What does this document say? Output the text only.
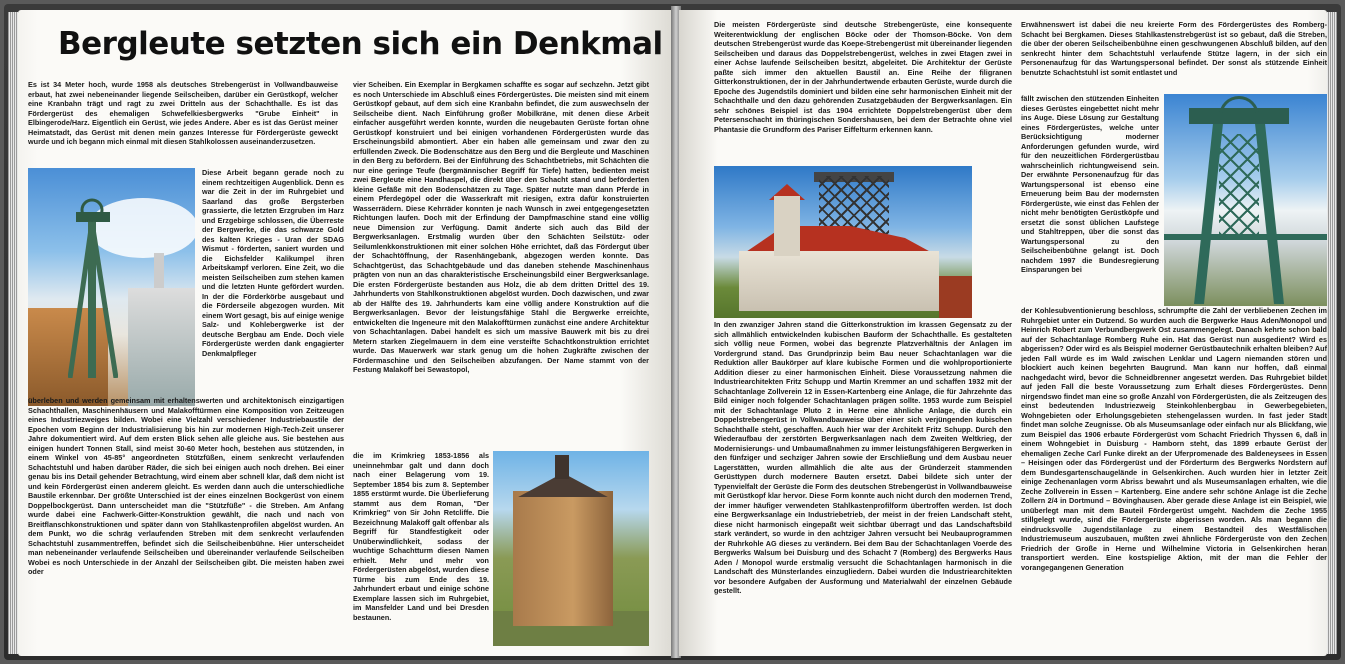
Bergleute setzten sich ein Denkmal

Es ist 34 Meter hoch, wurde 1958 als deutsches Strebengerüst in Vollwandbauweise erbaut, hat zwei nebeneinander liegende Seilscheiben, darüber ein Gerüstkopf, welcher eine Kranbahn trägt und ragt zu zwei Dritteln aus der Schachthalle. Es ist das Fördergerüst des ehemaligen Schwefelkiesbergwerks "Grube Einheit" in Elbingerode/Harz. Eigentlich ein Gerüst, wie jedes Andere. Aber es ist das Gerüst meiner Heimatstadt, das Gerüst mit denen mein ganzes Interesse für Fördergerüste geweckt wurde und ich begann mich einmal mit diesen Stahlkolossen auseinanderzusetzen.

Diese Arbeit begann gerade noch zu einem rechtzeitigen Augenblick. Denn es war die Zeit in der im Ruhrgebiet und Saarland das große Bergsterben grassierte, die letzten Erzgruben im Harz und Erzgebirge schlossen, die Überreste der Bergwerke, die das schwarze Gold des kalten Krieges - Uran der SDAG Wismut - förderten, saniert wurden und die Eichsfelder Kalikumpel ihren Arbeitskampf verloren. Eine Zeit, wo die meisten Seilscheiben zum stehen kamen und die letzten Hunte gefördert wurden. In der die Förderkörbe ausgebaut und die Förderseile abgezogen wurden. Mit einem Wort gesagt, bis auf einige wenige Salz- und Kohlebergwerke ist der deutsche Bergbau am Ende. Doch viele Fördergerüste werden dank engagierter Denkmalpfleger

überleben und werden gemeinsam mit erhaltenswerten und architektonisch einzigartigen Schachthallen, Maschinenhäusern und Malakofftürmen eine Komposition von Zeitzeugen eines Industriezweiges bilden. Wobei eine Vielzahl verschiedener Industriebaustile der Epochen vom Beginn der Industrialisierung bis hin zur modernen High-Tech-Zeit unserer Jahre dokumentiert wird. Auf dem ersten Blick sehen alle gleiche aus. Sie bestehen aus einigen hundert Tonnen Stall, sind meist 30-60 Meter hoch, bestehen aus stützenden, in einem Winkel von 45-85° angeordneten Stützfüßen, einem senkrecht verlaufenden Schachtstuhl und haben darüber Räder, die sich bei einigen auch noch drehen. Bei einer genau bis ins Detail gehender Betrachtung, wird einem aber schnell klar, daß dem nicht ist und kein Fördergerüst einen anderem gleicht. Es werden dann auch die unterschiedliche Baustile erkennbar. Der größte Unterschied ist der eines einzelnen Bockgerüst von einem Doppelbockgerüst. Dann unterscheidet man die "Stützfüße" - die Streben. Am Anfang wurde dabei eine Fachwerk-Gitter-Konstruktion gewählt, die nach und nach von Breitflanschkonstruktionen und später dann von Stahlkastenprofilen abgelöst wurden. An dem Punkt, wo die schräg verlaufenden Streben mit dem senkrecht verlaufenden Schachtstuhl zusammentreffen, befindet sich die Seilscheibenbühne. Hier unterscheidet man nebeneinander verlaufende Seilscheiben und übereinander verlaufende Seilscheiben Wobei es noch Unterschiede in der Anzahl der Seilscheiben gibt. Die meisten haben zwei oder

vier Scheiben. Ein Exemplar in Bergkamen schaffte es sogar auf sechzehn. Jetzt gibt es noch Unterschiede im Abschluß eines Fördergerüstes. Die meisten sind mit einem Gerüstkopf gebaut, auf dem sich eine Kranbahn befindet, die zum auswechseln der Seilscheibe dient. Nach Einführung großer Mobilkräne, mit denen diese Arbeit einfacher ausgeführt werden konnte, wurden die neugebauten Gerüste fortan ohne Gerüstkopf konstruiert und bei einigen vorhandenen Fördergerüsten wurde das Erscheinungsbild abmontiert. Aber ein haben alle gemeinsam und zwar den zu erfüllenden Zweck. Die Bodenschätze aus den Berg und die Bergleute und Maschinen in den Berg zu befördern. Bei der Einführung des Schachtbetriebs, mit Schächten die nur eine geringe Teufe (bergmännischer Begriff für Tiefe) hatten, bedienten meist zwei Bergleute eine Handhaspel, die direkt über den Schacht stand und beförderten kleine Gefäße mit den Bodenschätzen zu Tage. Später nutzte man dann Pferde in einem Pferdegöpel oder die Wasserkraft mit riesigen, extra dafür konstruierten Wasserrädern. Diese Kehrräder konnten je nach Wunsch in zwei entgegengesetzten Richtungen laufen. Doch mit der Erfindung der Dampfmaschine stand eine völlig neue Dimension zur Verfügung. Damit änderte sich auch das Bild der Bergwerksanlagen. Erstmalig wurden über den Schächten Seilstütz- oder Seilumlenkkonstruktionen mit einer solchen Höhe errichtet, daß das Fördergut über der Schachtöffnung, der Rasenhängebank, abgezogen werden konnte. Das Schachtgerüst, das Schachtgebäude und das daneben stehende Maschinenhaus prägten von nun an das charakteristische Erscheinungsbild einer Bergwerksanlage. Die ersten Fördergerüste bestanden aus Holz, die ab dem dritten Drittel des 19. Jahrhunderts von Stahlkonstruktionen abgelöst wurden. Doch dazwischen, und zwar ab der Hälfte des 19. Jahrhunderts kam eine völlig andere Konstruktion auf die Bergwerksanlagen. Bevor der leistungsfähige Stahl die Bergwerke erreichte, entwickelten die Ingeneure mit den Malakofftürmen zunächst eine andere Architektur von Schachtanlagen. Dabei handelt es sich um massive Bauwerk mit bis zu drei Metern starken Ziegelmauern in dem eine versteifte Schachtkonstruktion errichtet wurde. Das Mauerwerk war stark genug um die hohen Zugkräfte zwischen der Fördermaschine und den Seilscheiben abzufangen. Der Name stammt von der Festung Malakoff bei Sewastopol,

die im Krimkrieg 1853-1856 als uneinnehmbar galt und dann doch nach einer Belagerung vom 19. September 1854 bis zum 8. September 1855 erstürmt wurde. Die Überlieferung stammt aus dem Roman, "Der Krimkrieg" von Sir John Retcliffe. Die Bezeichnung Malakoff galt offenbar als Begriff für Standfestigkeit oder Unüberwindlichkeit, sodass der wuchtige Schachtturm diesen Namen erhielt. Mehr und mehr von Fördergerüsten abgelöst, wurden diese Türme bis zum Ende des 19. Jahrhundert erbaut und einige schöne Exemplare lassen sich im Ruhrgebiet, im Mansfelder Land und bei Dresden bestaunen.

Die meisten Fördergerüste sind deutsche Strebengerüste, eine konsequente Weiterentwicklung der englischen Böcke oder der Thomson-Böcke. Von dem deutschen Strebengerüst wurde das Koepe-Strebengerüst mit übereinander liegenden Seilscheiben und daraus das Doppelstrebengerüst, welches in zwei Etagen zwei in einer Achse laufende Seilscheiben besitzt, abgeleitet. Die Architektur der Gerüste paßte sich immer den aktuellen Baustil an. Eine Reihe der filigranen Gitterkonstruktionen, der in der Jahrhundertwende erbauten Gerüste, wurde durch die Epoche des Jugendstils dominiert und bilden eine sehr harmonischen Einheit mit der Schachthalle und den dazu gehörenden Zusatzgebäuden der Bergwerksanlagen. Ein sehr schönes Beispiel ist das 1904 errichtete Doppelstrebengerüst über dem Petersenschacht im thüringischen Sondershausen, bei dem der Betrachte ohne viel Phantasie die Grundform des Pariser Eiffelturm erkennen kann.

In den zwanziger Jahren stand die Gitterkonstruktion im krassen Gegensatz zu der sich allmählich entwickelnden kubischen Bauform der Schachthalle. Es gestalteten sich völlig neue Formen, wobei das begrenzte Platzverhältnis der Anlagen im Vordergrund stand. Das Grundprinzip beim Bau neuer Schachtanlagen war die Reduktion aller Baukörper auf klare kubische Formen und die wohlproportionierte Addition dieser zu einer harmonischen Einheit. Diese Voraussetzung nahmen die Industriearchitekten Fritz Schupp und Martin Kremmer an und schaffen 1932 mit der Schachtanlage Zollverein 12 in Essen-Kartenberg eine Anlage, die für Jahrzehnte das Bild einiger noch folgender Schachtanlagen prägen sollte. 1953 wurde zum Beispiel mit der Schachtanlage Pluto 2 in Herne eine ähnliche Anlage, die durch ein Doppelstrebengerüst in Vollwandbauweise über einer sich verjüngenden kubischen Schachthalle steht, geschaffen. Auch hier war der Architekt Fritz Schupp. Durch den Wiederaufbau der zerstörten Bergwerksanlagen nach dem Zweiten Weltkrieg, der Modernisierungs- und Umbaumaßnahmen zu immer leistungsfähigeren Bergwerken in den fünfziger und sechziger Jahren sowie der Erschließung und dem Ausbau neuer Lagerstätten, wurden allmählich die alte aus der Gründerzeit stammenden Gerüsttypen durch modernere Bauten ersetzt. Dabei bildete sich unter der Typenvielfalt der Gerüste die Form des deutschen Strebengerüst in Vollwandbauweise mit Gerüstkopf klar hervor. Diese Form konnte auch nicht durch den modernen Trend, der immer häufiger verwendeten Stahlkastenprofilform übertroffen werden. Ist doch eine Bergwerksanlage ein Industriebetrieb, der meist in der freien Landschaft steht, diese nicht harmonisch eingepaßt weit sichtbar überragt und das Landschaftsbild stark verändert, so wurde in den achtziger Jahren versucht bei Neubauprogrammen der Ruhrkohle AG dieses zu verändern. Bei dem Bau der Schachtanlagen Voerde des Bergwerks Walsum bei Duisburg und des Schacht 7 (Romberg) des Bergwerks Haus Aden / Monopol wurde erstmalig versucht die Schachtanlagen harmonisch in die Landschaft des Münsterlandes einzugliedern. Dabei wurden die Industriearchitekten vor besondere Aufgaben der Ausformung und Materialwahl der einzelnen Gebäude gestellt.

Erwähnenswert ist dabei die neu kreierte Form des Fördergerüstes des Romberg-Schacht bei Bergkamen. Dieses Stahlkastenstrebgerüst ist so gebaut, daß die Streben, die über der oberen Seilscheibenbühne einen geschwungenen Abschluß bilden, auf den senkrecht hinter dem Schachtstuhl verlaufende Stütze lagern, in der sich ein Personenaufzug für das Wartungspersonal befindet. Der sonst als stützende Einheit benutzte Schachtstuhl ist somit entlastet und

fällt zwischen den stützenden Einheiten dieses Gerüstes eingebettet nicht mehr ins Auge. Diese Lösung zur Gestaltung eines Fördergerüstes, welche unter Berücksichtigung moderner Anforderungen gefunden wurde, wird für den neuzeitlichen Fördergerüstbau wahrscheinlich richtungweisend sein. Der erwähnte Personenaufzug für das Wartungspersonal ist ebenso eine Erneuerung beim Bau der modernsten Fördergerüste, wie einst das Fehlen der nicht mehr benötigten Gerüstköpfe und ersetzt die sonst üblichen Laufstege und Stahltreppen, über die sonst das Wartungspersonal zu den Seilscheibenbühne gelangt ist. Doch nachdem 1997 die Bundesregierung Einsparungen bei

der Kohlesubventionierung beschloss, schrumpfte die Zahl der verbliebenen Zechen im Ruhrgebiet unter ein Dutzend. So wurden auch die Bergwerke Haus Aden/Monopol und Heinrich Robert zum Verbundbergwerk Ost zusammengelegt. Danach kehrte schon bald auf der Schachtanlage Romberg Ruhe ein. Hat das Gerüst nun ausgedient? Wird es abgerissen? Oder wird es als Beispiel moderner Gerüstbautechnik erhalten bleiben? Auf jeden Fall würde es im Wald zwischen Lenklar und Lagern niemanden stören und blockiert auch keinen begehrten Baugrund. Man kann nur hoffen, daß einmal nachgedacht wird, bevor die Schneidbrenner angesetzt werden. Das Ruhrgebiet bildet auf jeden Fall die beste Voraussetzung zum Erhalt dieses Fördergerüstes. Denn nirgendswo findet man eine so große Anzahl von Fördergerüsten, die als Zeitzeugen des einst bedeutenden Industriezweig Steinkohlenbergbau in Gewerbegebieten, Wohngebieten oder Erholungsgebieten stehengelassen wurden. In fast jeder Stadt findet man solche Zeugnisse. Ob als Museumsanlage oder einfach nur als Blickfang, wie zum Beispiel das 1906 erbaute Fördergerüst vom Schacht Friedrich Thyssen 6, daß in einem Wohngebiet in Duisburg - Hamborn steht, das 1899 erbaute Gerüst der ehemaligen Zeche Carl Funke direkt an der Uferpromenade des Baldeneysees in Essen – Heisingen oder das Fördergerüst und der Förderturm des Bergwerks Nordstern auf dem Bundesgartenschaugelände in Gelsenkirchen. Auch wurden hier in letzter Zeit einige Zechenanlagen vorm Abriss bewahrt und als Museumsanlagen erhalten, wie die Zeche Zollverein in Essen – Kartenberg. Eine andere sehr schöne Anlage ist die Zeche Zollern 2/4 in Dortmund – Bövinghausen. Aber gerade diese Anlage ist ein Beispiel, wie unüberlegt man mit dem Bauteil Fördergerüst umgeht. Nachdem die Zeche 1955 stillgelegt wurde, sind die Fördergerüste abgerissen worden. Als man begann die eindrucksvolle Jugendstilanlage zu einem Bestandteil des Westfälischen Industriemuseum auszubauen, mußten zwei ähnliche Fördergerüste von den Zechen Friedrich der Große in Herne und Wilhelmine Victoria in Gelsenkirchen heran transportiert werden. Eine kostspielige Aktion, mit der man die Fehler der vorangegangenen Generation
